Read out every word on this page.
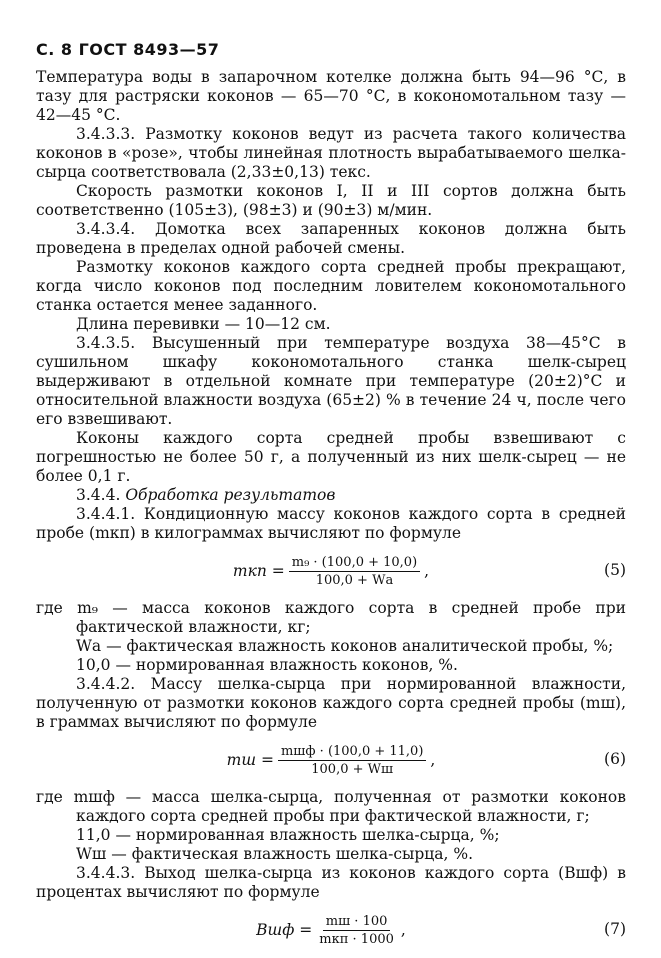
С. 8 ГОСТ 8493—57

Температура воды в запарочном котелке должна быть 94—96 °С, в тазу для растряски коконов — 65—70 °С, в кокономотальном тазу — 42—45 °С.

3.4.3.3. Размотку коконов ведут из расчета такого количества коконов в «розе», чтобы линейная плотность вырабатываемого шелка-сырца соответствовала (2,33±0,13) текс.

Скорость размотки коконов I, II и III сортов должна быть соответственно (105±3), (98±3) и (90±3) м/мин.

3.4.3.4. Домотка всех запаренных коконов должна быть проведена в пределах одной рабочей смены.

Размотку коконов каждого сорта средней пробы прекращают, когда число коконов под последним ловителем кокономотального станка остается менее заданного.

Длина перевивки — 10—12 см.

3.4.3.5. Высушенный при температуре воздуха 38—45°С в сушильном шкафу кокономотального станка шелк-сырец выдерживают в отдельной комнате при температуре (20±2)°С и относительной влажности воздуха (65±2) % в течение 24 ч, после чего его взвешивают.

Коконы каждого сорта средней пробы взвешивают с погрешностью не более 50 г, а полученный из них шелк-сырец — не более 0,1 г.

3.4.4. Обработка результатов

3.4.4.1. Кондиционную массу коконов каждого сорта в средней пробе (mкп) в килограммах вычисляют по формуле

mкп = $\frac{\text{m₉ · (100,0 + 10,0)}}{100,0 + Wа}$ ,	(5)

где m₉ — масса коконов каждого сорта в средней пробе при фактической влажности, кг;

Wа — фактическая влажность коконов аналитической пробы, %;

10,0 — нормированная влажность коконов, %.

3.4.4.2. Массу шелка-сырца при нормированной влажности, полученную от размотки коконов каждого сорта средней пробы (mш), в граммах вычисляют по формуле

mш = $\frac{\text{mшф · (100,0 + 11,0)}}{100,0 + Wш}$ ,	(6)

где mшф — масса шелка-сырца, полученная от размотки коконов каждого сорта средней пробы при фактической влажности, г;

11,0 — нормированная влажность шелка-сырца, %;

Wш — фактическая влажность шелка-сырца, %.

3.4.4.3. Выход шелка-сырца из коконов каждого сорта (Bшф) в процентах вычисляют по формуле

Bшф = $\frac{mш \cdot 100}{\text{mкп · 1000}}$ ,	(7)
